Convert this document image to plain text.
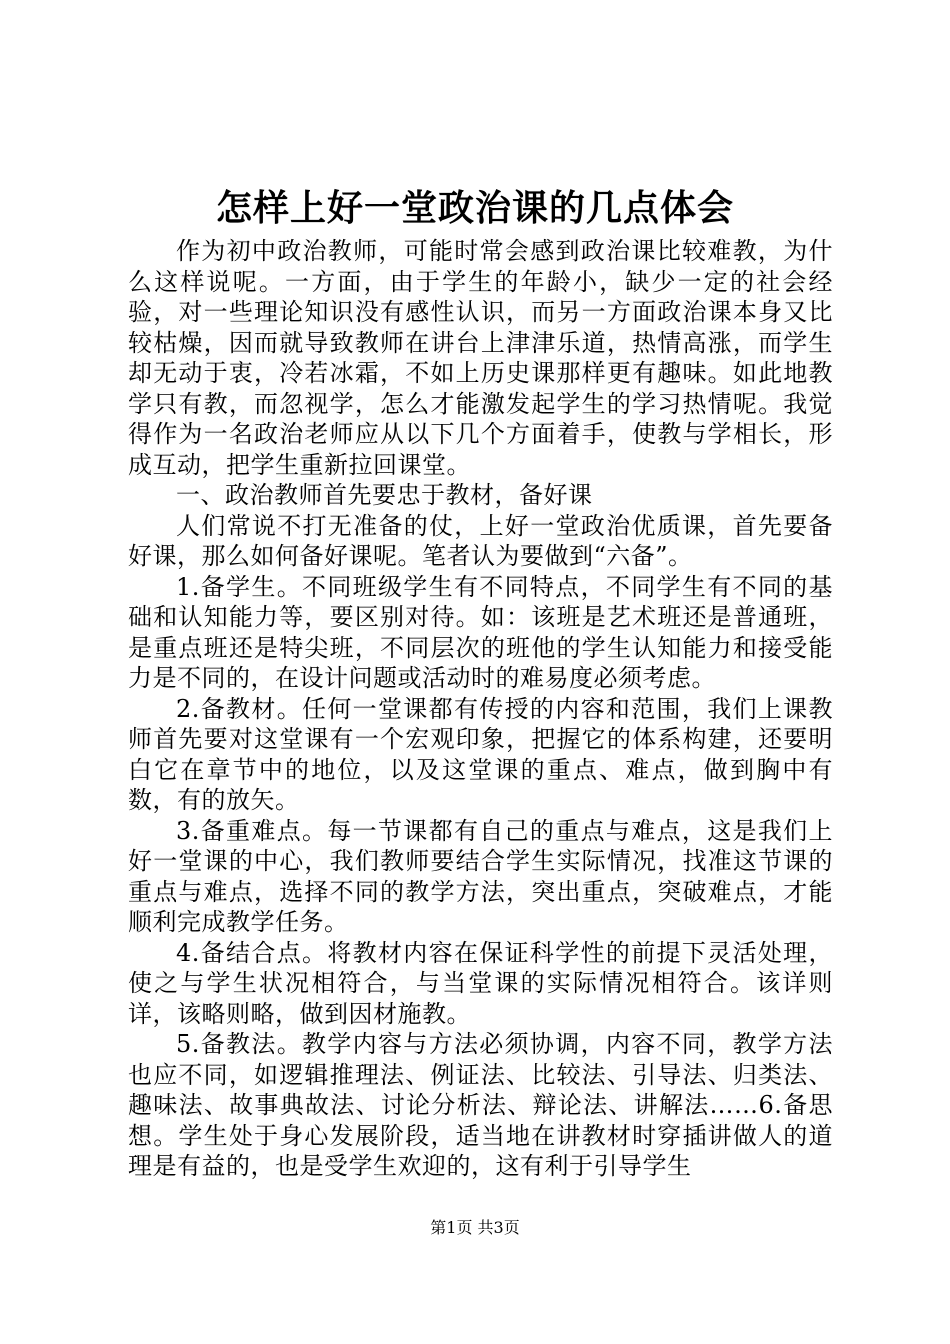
怎样上好一堂政治课的几点体会

作为初中政治教师，可能时常会感到政治课比较难教，为什么这样说呢。一方面，由于学生的年龄小，缺少一定的社会经验，对一些理论知识没有感性认识，而另一方面政治课本身又比较枯燥，因而就导致教师在讲台上津津乐道，热情高涨，而学生却无动于衷，冷若冰霜，不如上历史课那样更有趣味。如此地教学只有教，而忽视学，怎么才能激发起学生的学习热情呢。我觉得作为一名政治老师应从以下几个方面着手，使教与学相长，形成互动，把学生重新拉回课堂。

一、政治教师首先要忠于教材，备好课

人们常说不打无准备的仗，上好一堂政治优质课，首先要备好课，那么如何备好课呢。笔者认为要做到“六备”。

1.备学生。不同班级学生有不同特点，不同学生有不同的基础和认知能力等，要区别对待。如：该班是艺术班还是普通班，是重点班还是特尖班，不同层次的班他的学生认知能力和接受能力是不同的，在设计问题或活动时的难易度必须考虑。

2.备教材。任何一堂课都有传授的内容和范围，我们上课教师首先要对这堂课有一个宏观印象，把握它的体系构建，还要明白它在章节中的地位，以及这堂课的重点、难点，做到胸中有数，有的放矢。

3.备重难点。每一节课都有自己的重点与难点，这是我们上好一堂课的中心，我们教师要结合学生实际情况，找准这节课的重点与难点，选择不同的教学方法，突出重点，突破难点，才能顺利完成教学任务。

4.备结合点。将教材内容在保证科学性的前提下灵活处理，使之与学生状况相符合，与当堂课的实际情况相符合。该详则详，该略则略，做到因材施教。

5.备教法。教学内容与方法必须协调，内容不同，教学方法也应不同，如逻辑推理法、例证法、比较法、引导法、归类法、趣味法、故事典故法、讨论分析法、辩论法、讲解法……6.备思想。学生处于身心发展阶段，适当地在讲教材时穿插讲做人的道理是有益的，也是受学生欢迎的，这有利于引导学生

第1页 共3页
